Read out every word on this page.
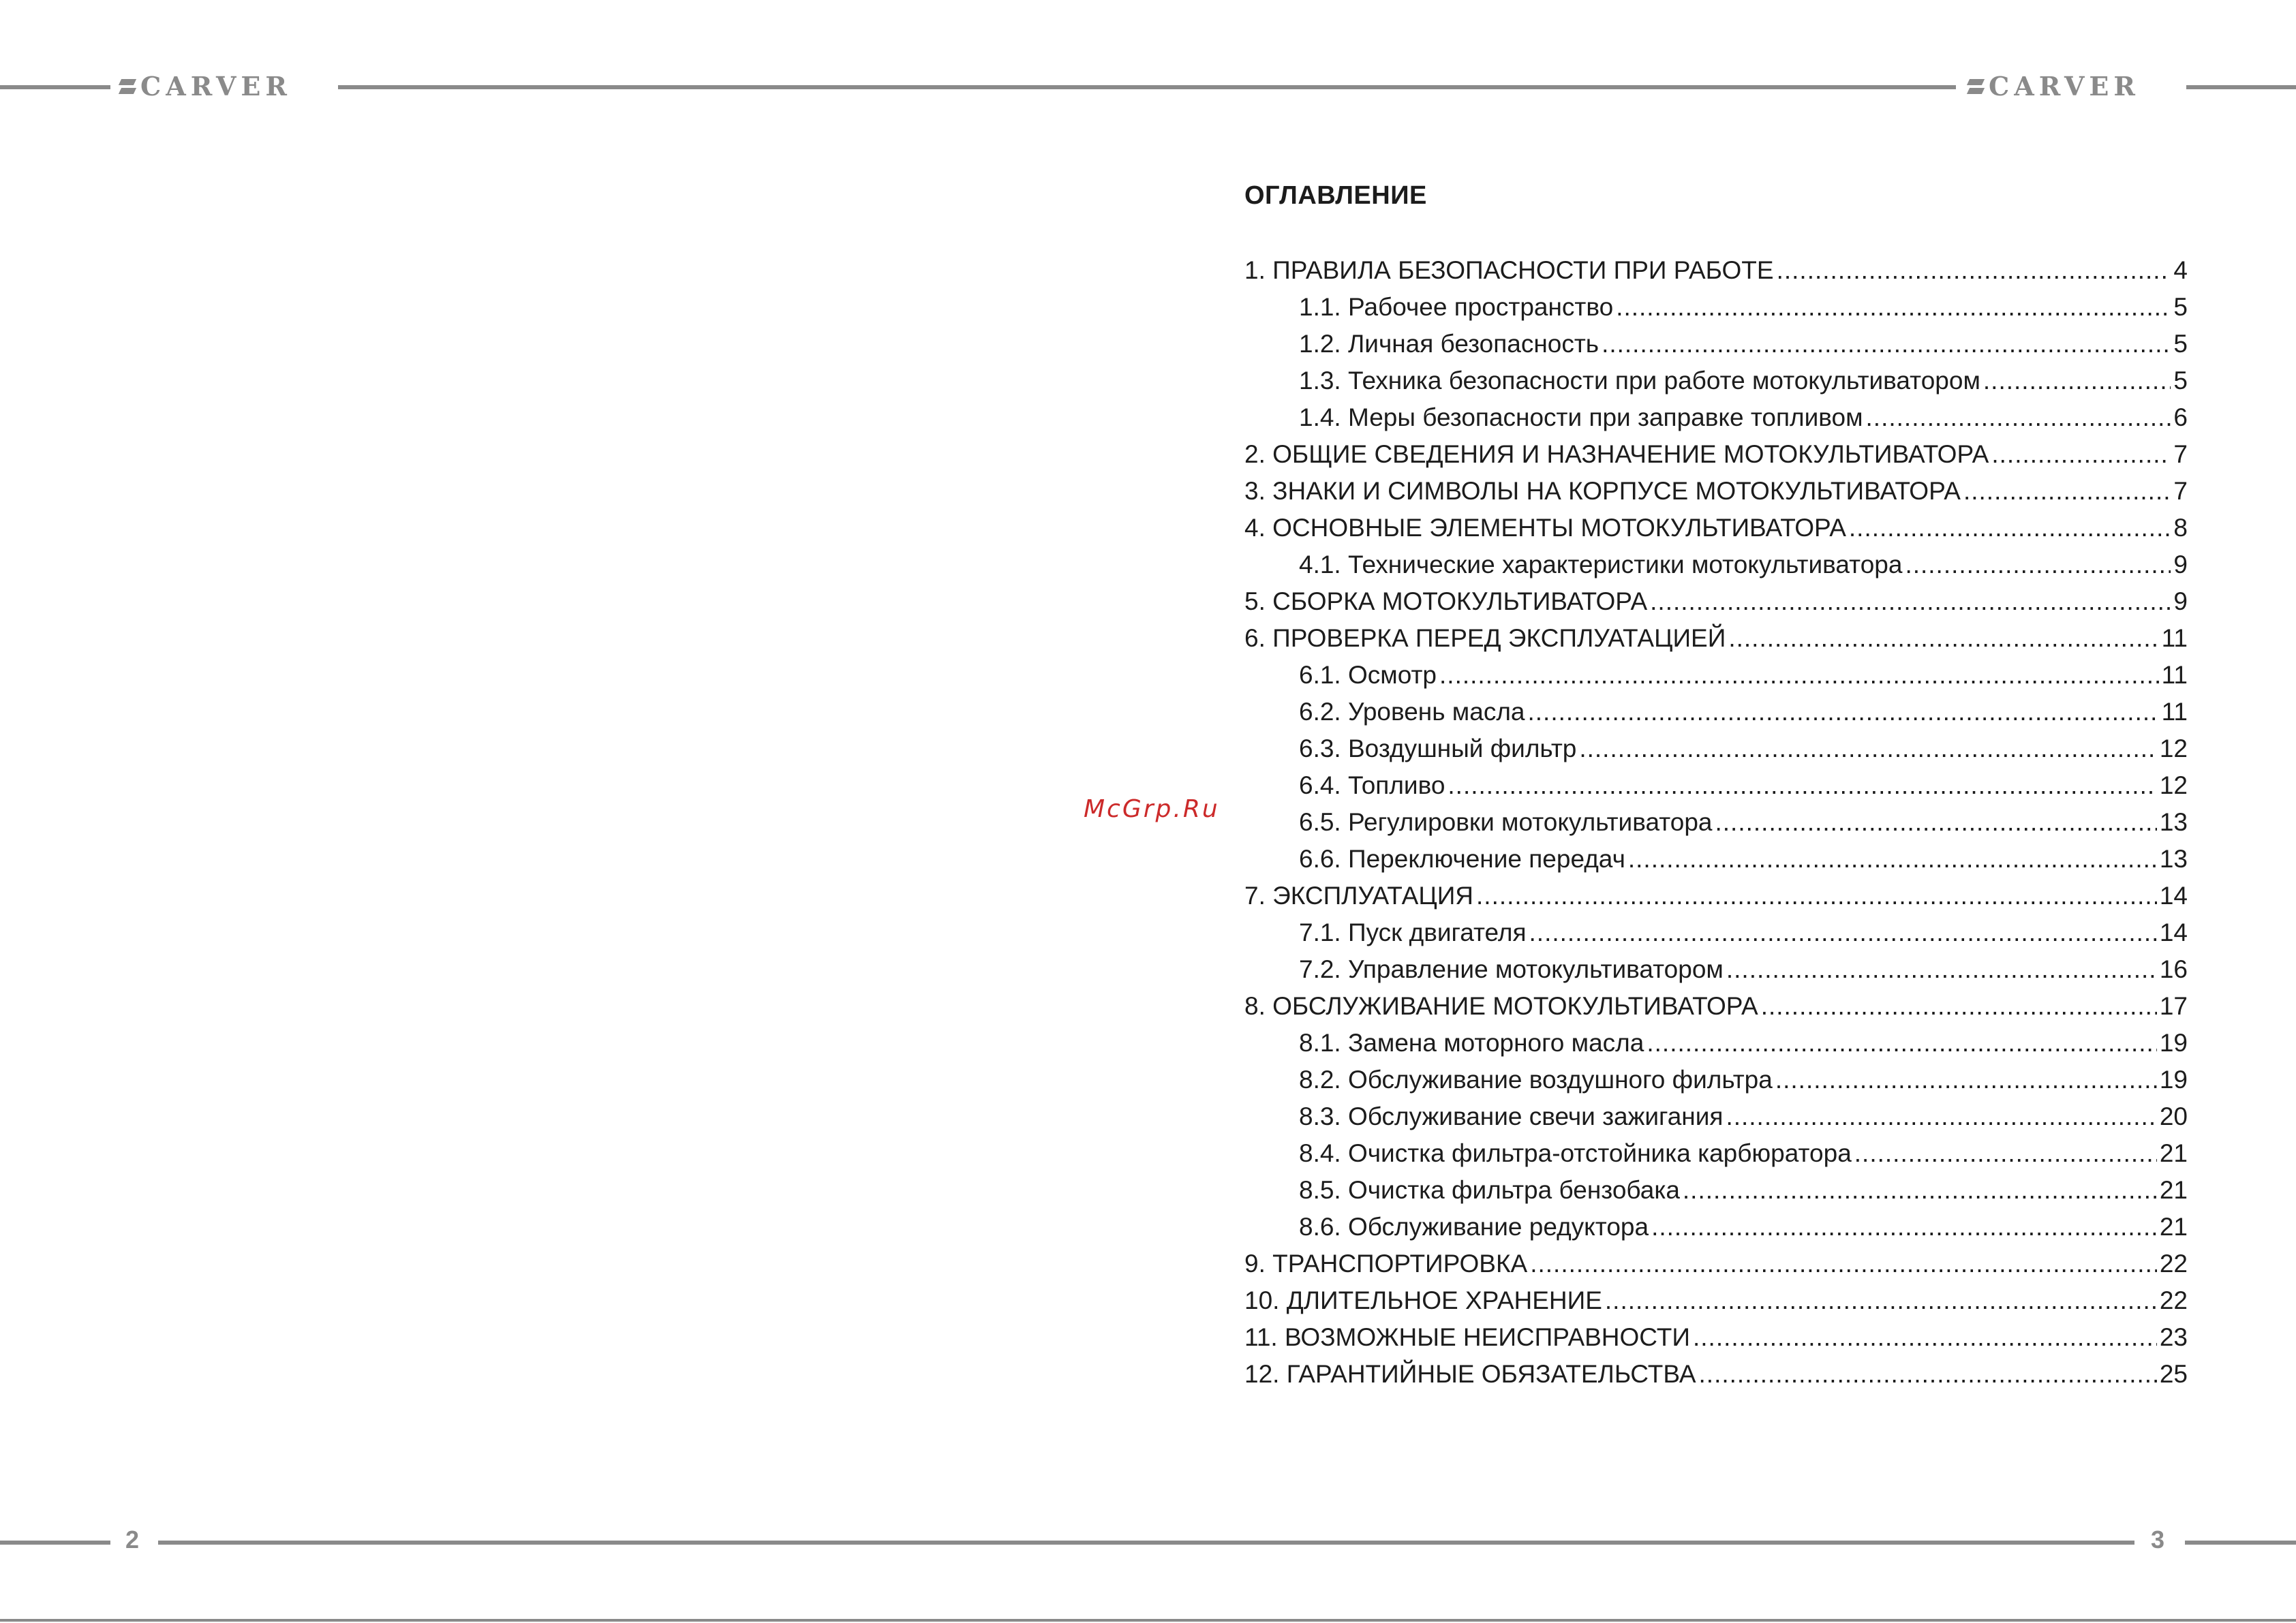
CARVER	CARVER
McGrp.Ru
ОГЛАВЛЕНИЕ
1. ПРАВИЛА БЕЗОПАСНОСТИ ПРИ РАБОТЕ .....	4
1.1. Рабочее пространство .....	5
1.2. Личная безопасность .....	5
1.3. Техника безопасности при работе мотокультиватором .....	5
1.4. Меры безопасности при заправке топливом .....	6
2. ОБЩИЕ СВЕДЕНИЯ И НАЗНАЧЕНИЕ МОТОКУЛЬТИВАТОРА .....	7
3. ЗНАКИ И СИМВОЛЫ НА КОРПУСЕ МОТОКУЛЬТИВАТОРА .....	7
4. ОСНОВНЫЕ ЭЛЕМЕНТЫ МОТОКУЛЬТИВАТОРА .....	8
4.1. Технические характеристики мотокультиватора .....	9
5. СБОРКА МОТОКУЛЬТИВАТОРА .....	9
6. ПРОВЕРКА ПЕРЕД ЭКСПЛУАТАЦИЕЙ .....	11
6.1. Осмотр .....	11
6.2. Уровень масла .....	11
6.3. Воздушный фильтр .....	12
6.4. Топливо .....	12
6.5. Регулировки мотокультиватора .....	13
6.6. Переключение передач .....	13
7. ЭКСПЛУАТАЦИЯ .....	14
7.1. Пуск двигателя .....	14
7.2. Управление мотокультиватором .....	16
8. ОБСЛУЖИВАНИЕ МОТОКУЛЬТИВАТОРА .....	17
8.1. Замена моторного масла .....	19
8.2. Обслуживание воздушного фильтра .....	19
8.3. Обслуживание свечи зажигания .....	20
8.4. Очистка фильтра-отстойника карбюратора .....	21
8.5. Очистка фильтра бензобака .....	21
8.6. Обслуживание редуктора .....	21
9. ТРАНСПОРТИРОВКА .....	22
10. ДЛИТЕЛЬНОЕ ХРАНЕНИЕ .....	22
11. ВОЗМОЖНЫЕ НЕИСПРАВНОСТИ .....	23
12. ГАРАНТИЙНЫЕ ОБЯЗАТЕЛЬСТВА .....	25
2	3
